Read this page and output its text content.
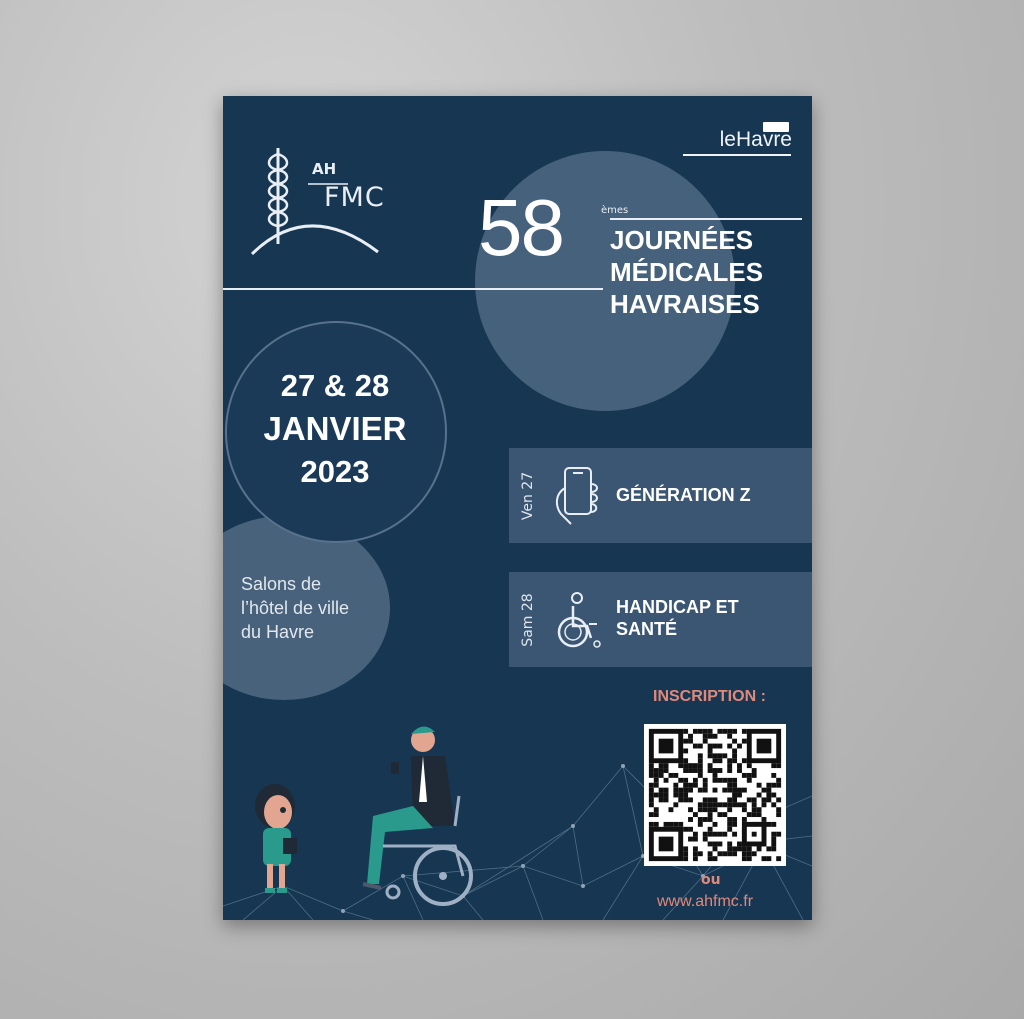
AH
FMC
leHavre
58	èmes
JOURNÉES
MÉDICALES
HAVRAISES
27 & 28
JANVIER
2023
Salons de
l’hôtel de ville
du Havre
Ven 27	GÉNÉRATION Z
Sam 28	HANDICAP ET
SANTÉ
INSCRIPTION :
ou
www.ahfmc.fr
